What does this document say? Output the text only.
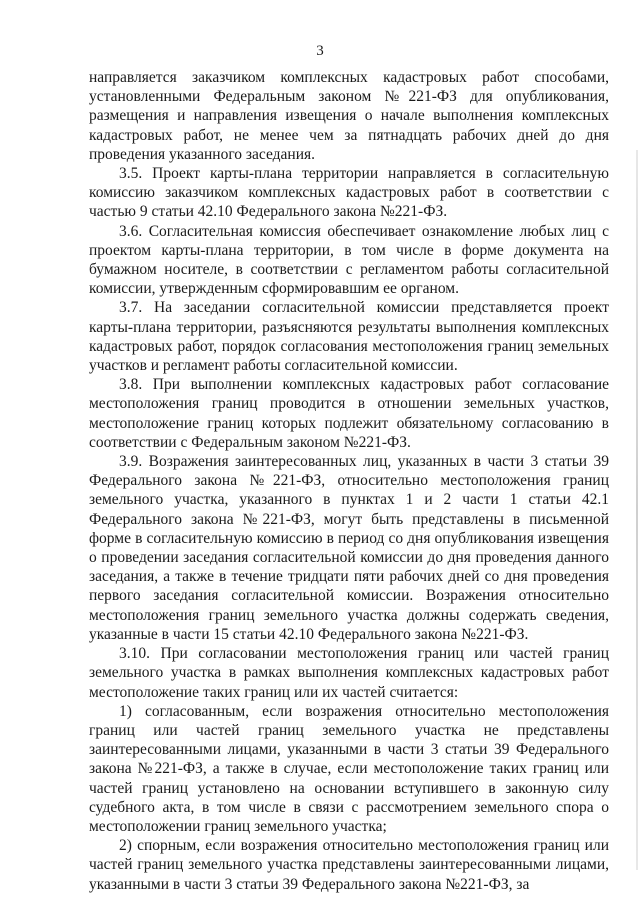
3

направляется заказчиком комплексных кадастровых работ способами, установленными Федеральным законом №221-ФЗ для опубликования, размещения и направления извещения о начале выполнения комплексных кадастровых работ, не менее чем за пятнадцать рабочих дней до дня проведения указанного заседания.

3.5. Проект карты-плана территории направляется в согласительную комиссию заказчиком комплексных кадастровых работ в соответствии с частью 9 статьи 42.10 Федерального закона №221-ФЗ.

3.6. Согласительная комиссия обеспечивает ознакомление любых лиц с проектом карты-плана территории, в том числе в форме документа на бумажном носителе, в соответствии с регламентом работы согласительной комиссии, утвержденным сформировавшим ее органом.

3.7. На заседании согласительной комиссии представляется проект карты-плана территории, разъясняются результаты выполнения комплексных кадастровых работ, порядок согласования местоположения границ земельных участков и регламент работы согласительной комиссии.

3.8. При выполнении комплексных кадастровых работ согласование местоположения границ проводится в отношении земельных участков, местоположение границ которых подлежит обязательному согласованию в соответствии с Федеральным законом №221-ФЗ.

3.9. Возражения заинтересованных лиц, указанных в части 3 статьи 39 Федерального закона №221-ФЗ, относительно местоположения границ земельного участка, указанного в пунктах 1 и 2 части 1 статьи 42.1 Федерального закона №221-ФЗ, могут быть представлены в письменной форме в согласительную комиссию в период со дня опубликования извещения о проведении заседания согласительной комиссии до дня проведения данного заседания, а также в течение тридцати пяти рабочих дней со дня проведения первого заседания согласительной комиссии. Возражения относительно местоположения границ земельного участка должны содержать сведения, указанные в части 15 статьи 42.10 Федерального закона №221-ФЗ.

3.10. При согласовании местоположения границ или частей границ земельного участка в рамках выполнения комплексных кадастровых работ местоположение таких границ или их частей считается:

1) согласованным, если возражения относительно местоположения границ или частей границ земельного участка не представлены заинтересованными лицами, указанными в части 3 статьи 39 Федерального закона №221-ФЗ, а также в случае, если местоположение таких границ или частей границ установлено на основании вступившего в законную силу судебного акта, в том числе в связи с рассмотрением земельного спора о местоположении границ земельного участка;

2) спорным, если возражения относительно местоположения границ или частей границ земельного участка представлены заинтересованными лицами, указанными в части 3 статьи 39 Федерального закона №221-ФЗ, за
